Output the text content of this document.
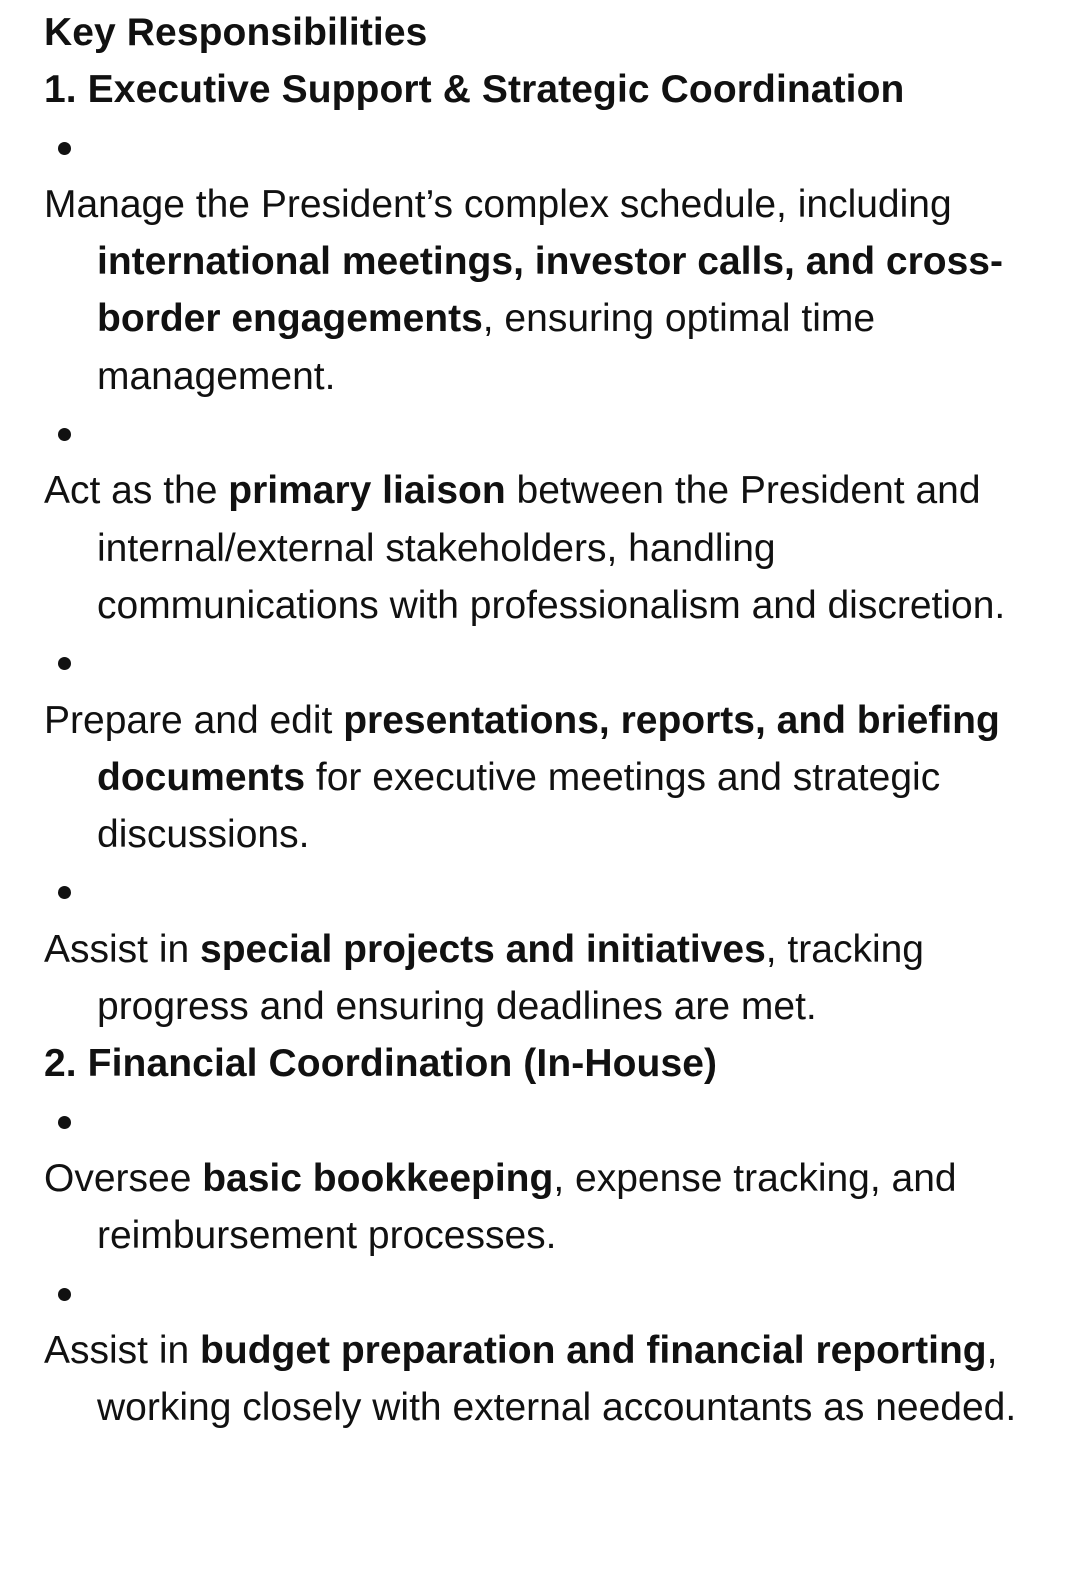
Key Responsibilities

1. Executive Support & Strategic Coordination

Manage the President’s complex schedule, including international meetings, investor calls, and cross-border engagements, ensuring optimal time management.

Act as the primary liaison between the President and internal/external stakeholders, handling communications with professionalism and discretion.

Prepare and edit presentations, reports, and briefing documents for executive meetings and strategic discussions.

Assist in special projects and initiatives, tracking progress and ensuring deadlines are met.

2. Financial Coordination (In-House)

Oversee basic bookkeeping, expense tracking, and reimbursement processes.

Assist in budget preparation and financial reporting, working closely with external accountants as needed.
